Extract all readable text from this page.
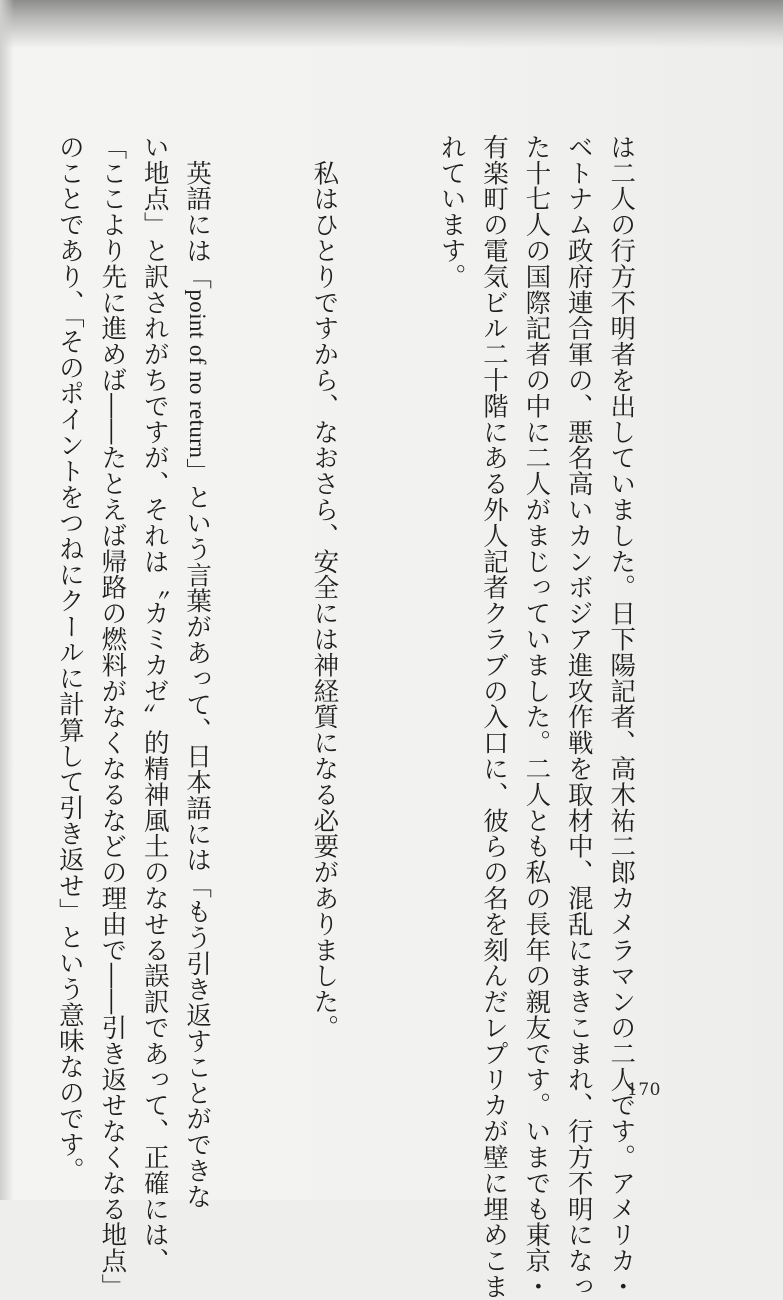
は二人の行方不明者を出していました。日下陽記者、高木祐二郎カメラマンの二人です。アメリカ・
ベトナム政府連合軍の、悪名高いカンボジア進攻作戦を取材中、混乱にまきこまれ、行方不明になっ
た十七人の国際記者の中に二人がまじっていました。二人とも私の長年の親友です。いまでも東京・
有楽町の電気ビル二十階にある外人記者クラブの入口に、彼らの名を刻んだレプリカが壁に埋めこま
れています。

　私はひとりですから、なおさら、安全には神経質になる必要がありました。

　英語には「point of no return」という言葉があって、日本語には「もう引き返すことができな
い地点」と訳されがちですが、それは〝カミカゼ〟的精神風土のなせる誤訳であって、正確には、
「ここより先に進めば――たとえば帰路の燃料がなくなるなどの理由で――引き返せなくなる地点」
のことであり、「そのポイントをつねにクールに計算して引き返せ」という意味なのです。

	170
